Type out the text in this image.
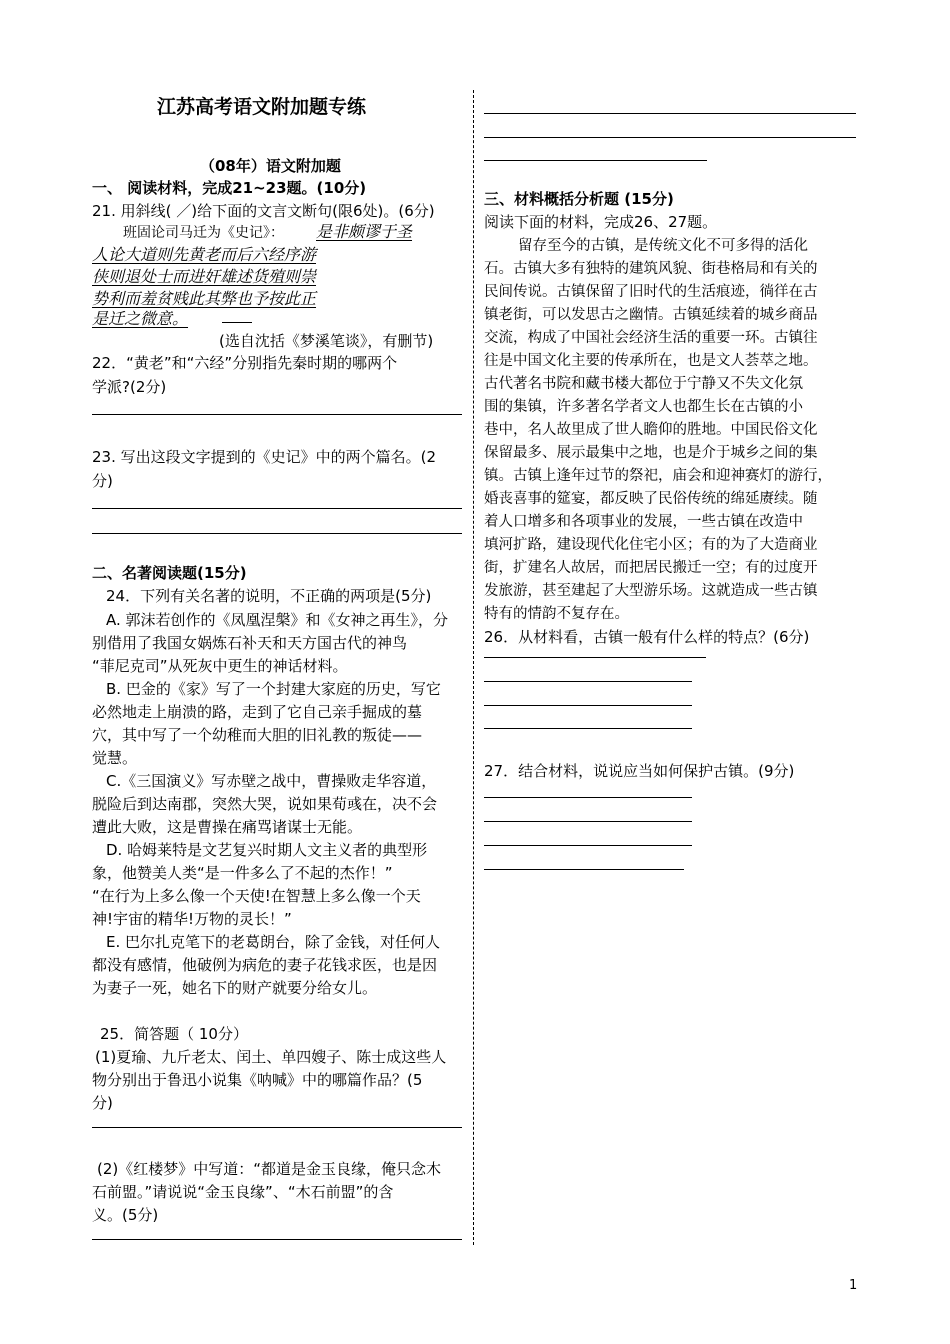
江苏高考语文附加题专练
（08年）语文附加题
一、 阅读材料，完成21~23题。(10分)
21. 用斜线( ／)给下面的文言文断句(限6处)。(6分)
班固论司马迁为《史记》： 是非颇谬于圣
人论大道则先黄老而后六经序游
侠则退处士而进奸雄述货殖则崇
势利而羞贫贱此其弊也予按此正
是迁之微意。
(选自沈括《梦溪笔谈》，有删节)
22．“黄老”和“六经”分别指先秦时期的哪两个
学派?(2分)
23. 写出这段文字提到的《史记》中的两个篇名。(2
分)
二、名著阅读题(15分)
24．下列有关名著的说明，不正确的两项是(5分)
A. 郭沫若创作的《凤凰涅槃》和《女神之再生》，分
别借用了我国女娲炼石补天和天方国古代的神鸟
“菲尼克司”从死灰中更生的神话材料。
B. 巴金的《家》写了一个封建大家庭的历史，写它
必然地走上崩溃的路，走到了它自己亲手掘成的墓
穴，其中写了一个幼稚而大胆的旧礼教的叛徒——
觉慧。
C.《三国演义》写赤壁之战中，曹操败走华容道，
脱险后到达南郡，突然大哭，说如果荀彧在，决不会
遭此大败，这是曹操在痛骂诸谋士无能。
D. 哈姆莱特是文艺复兴时期人文主义者的典型形
象，他赞美人类“是一件多么了不起的杰作！”
“在行为上多么像一个天使!在智慧上多么像一个天
神!宇宙的精华!万物的灵长！”
E. 巴尔扎克笔下的老葛朗台，除了金钱，对任何人
都没有感情，他破例为病危的妻子花钱求医，也是因
为妻子一死，她名下的财产就要分给女儿。
25．简答题（ 10分）
(1)夏瑜、九斤老太、闰土、单四嫂子、陈士成这些人
物分别出于鲁迅小说集《呐喊》中的哪篇作品？(5
分)
(2)《红楼梦》中写道：“都道是金玉良缘，俺只念木
石前盟。”请说说“金玉良缘”、“木石前盟”的含
义。(5分)
三、材料概括分析题 (15分)
阅读下面的材料，完成26、27题。
留存至今的古镇，是传统文化不可多得的活化
石。古镇大多有独特的建筑风貌、街巷格局和有关的
民间传说。古镇保留了旧时代的生活痕迹，徜徉在古
镇老街，可以发思古之幽情。古镇延续着的城乡商品
交流，构成了中国社会经济生活的重要一环。古镇往
往是中国文化主要的传承所在，也是文人荟萃之地。
古代著名书院和藏书楼大都位于宁静又不失文化氛
围的集镇，许多著名学者文人也都生长在古镇的小
巷中，名人故里成了世人瞻仰的胜地。中国民俗文化
保留最多、展示最集中之地，也是介于城乡之间的集
镇。古镇上逢年过节的祭祀，庙会和迎神赛灯的游行，
婚丧喜事的筵宴，都反映了民俗传统的绵延赓续。随
着人口增多和各项事业的发展，一些古镇在改造中
填河扩路，建设现代化住宅小区；有的为了大造商业
街，扩建名人故居，而把居民搬迁一空；有的过度开
发旅游，甚至建起了大型游乐场。这就造成一些古镇
特有的情韵不复存在。
26．从材料看，古镇一般有什么样的特点？(6分)
27．结合材料，说说应当如何保护古镇。(9分)
1
